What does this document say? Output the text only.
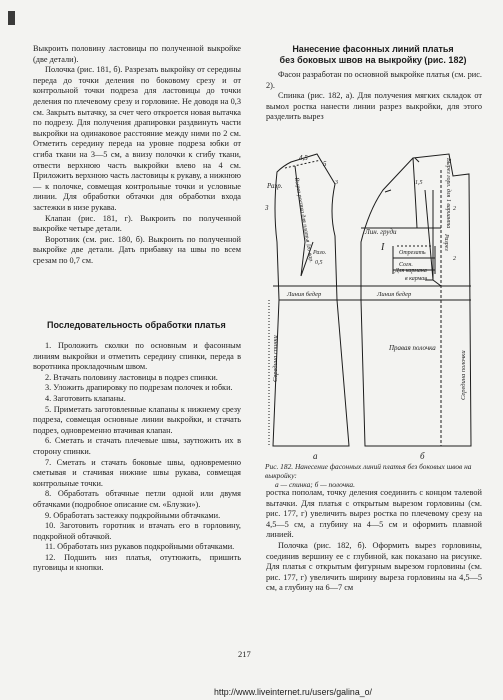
Выкроить половину ластовицы по полученной выкройке (две детали).

Полочка (рис. 181, б). Разрезать выкройку от середины переда до точки деления по боковому срезу и от контрольной точки подреза для ластовицы до точки деления по плечевому срезу и горловине. Не доводя на 0,3 см. Закрыть вытачку, за счет чего откроется новая вытачка по подрезу. Для получения драпировки раздвинуть части выкройки на одинаковое расстояние между ними по 2 см. Отметить середину переда на уровне подреза юбки от сгиба ткани на 3—5 см, а внизу полочки к сгибу ткани, отвести верхнюю часть выкройки влево на 4 см. Приложить верхнюю часть ластовицы к рукаву, а нижнюю — к полочке, совмещая контрольные точки и условные линии. Для обработки обтачки для обработки входа застежки в низе рукава.

Клапан (рис. 181, г). Выкроить по полученной выкройке четыре детали.

Воротник (см. рис. 180, б). Выкроить по полученной выкройке две детали. Дать прибавку на швы по всем срезам по 0,7 см.

Последовательность обработки платья

1. Проложить сколки по основным и фасонным линиям выкройки и отметить середину спинки, переда в воротника прокладочным швом.

2. Втачать половину ластовицы в подрез спинки.

3. Уложить драпировку по подрезам полочек и юбки.

4. Заготовить клапаны.

5. Приметать заготовленные клапаны к нижнему срезу подреза, совмещая основные линии выкройки, и стачать подрез, одновременно втачивая клапан.

6. Сметать и стачать плечевые швы, заутюжить их в сторону спинки.

7. Сметать и стачать боковые швы, одновременно сметывая и стачивая нижние швы рукава, совмещая контрольные точки.

8. Обработать обтачные петли одной или двумя обтачками (подробное описание см. «Блузки»).

9. Обработать застежку подкройными обтачками.

10. Заготовить горотник и втачать его в горловину, подкройной обтачкой.

11. Обработать низ рукавов подкройными обтачками.

12. Подшить низ платья, отутюжить, пришить пуговицы и кнопки.

Нанесение фасонных линий платья
без боковых швов на выкройку (рис. 182)

Фасон разработан по основной выкройке платья (см. рис. 2).

Спинка (рис. 182, а). Для получения мягких складок от вымол ростка нанести линии разрез выкройки, для этого разделить вырез

4,5
5
3
Разр. Вырез ростка для платья Iго вар.	Вырез горл. для 1 варианта
Лин. груди
I Отрезать
Согн.
Разо.
0,5
Разрез
Линия бедер	Линия бедер
Середина спинки	Середина полочки
Для кармана
в карман
Правая полочка
3	1,5
2
2
а	б
Рис. 182. Нанесение фасонных линий платья без боковых швов на выкройку:
а — спинка; б — полочка.

ростка пополам, точку деления соединить с концом талевой вытачки. Для платья с открытым вырезом горловины (см. рис. 177, г) увеличить вырез ростка по плечевому срезу на 4,5—5 см, а глубину на 4—5 см и оформить плавной линией.

Полочка (рис. 182, б). Оформить вырез горловины, соединив вершину ее с глубиной, как показано на рисунке. Для платья с открытым фигурным вырезом горловины (см. рис. 177, г) увеличить ширину выреза горловины на 4,5—5 см, а глубину на 6—7 см

217
http://www.liveinternet.ru/users/galina_o/
